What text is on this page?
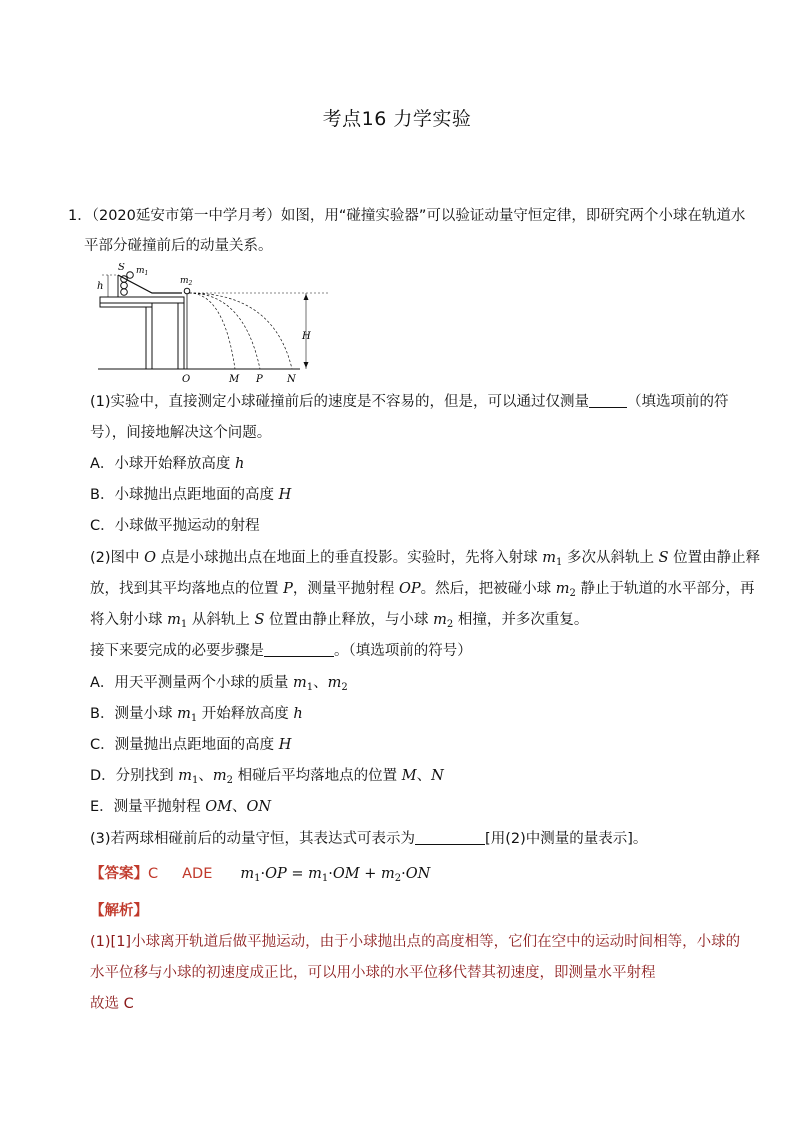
考点16 力学实验
1．（2020延安市第一中学月考）如图，用“碰撞实验器”可以验证动量守恒定律，即研究两个小球在轨道水
平部分碰撞前后的动量关系。
h
S $m_1$
$m_2$
H
O	M P N
(1)实验中，直接测定小球碰撞前后的速度是不容易的，但是，可以通过仅测量	（填选项前的符
号），间接地解决这个问题。
A．小球开始释放高度 h
B．小球抛出点距地面的高度 H
C．小球做平抛运动的射程
(2)图中 O 点是小球抛出点在地面上的垂直投影。实验时，先将入射球 $m_1$ 多次从斜轨上 S 位置由静止释
放，找到其平均落地点的位置 P，测量平抛射程 OP。然后，把被碰小球 $m_2$ 静止于轨道的水平部分，再
将入射小球 $m_1$ 从斜轨上 S 位置由静止释放，与小球 $m_2$ 相撞，并多次重复。
接下来要完成的必要步骤是	。（填选项前的符号）
A．用天平测量两个小球的质量 $m_1$、$m_2$
B．测量小球 $m_1$ 开始释放高度 h
C．测量抛出点距地面的高度 H
D．分别找到 $m_1$、$m_2$ 相碰后平均落地点的位置 M、N
E．测量平抛射程 OM、ON
(3)若两球相碰前后的动量守恒，其表达式可表示为	[用(2)中测量的量表示]。
【答案】C ADE $m_1\cdot OP = m_1\cdot OM + m_2\cdot ON$
【解析】
(1)[1]小球离开轨道后做平抛运动，由于小球抛出点的高度相等，它们在空中的运动时间相等，小球的
水平位移与小球的初速度成正比，可以用小球的水平位移代替其初速度，即测量水平射程
故选 C
